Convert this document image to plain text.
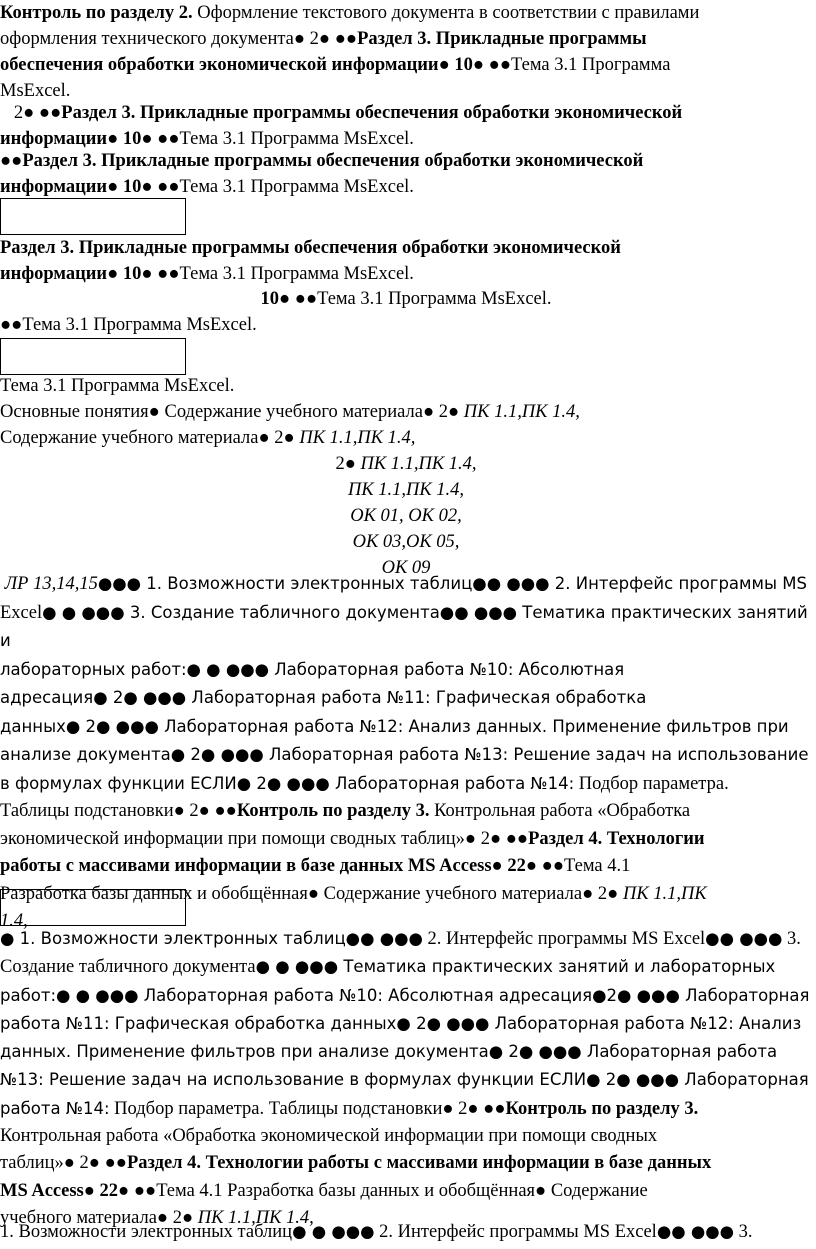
Контроль по разделу 2. Оформление текстового документа в соответствии с правилами
оформления технического документа● 2● ●●Раздел 3. Прикладные программы
обеспечения обработки экономической информации● 10● ●●Тема 3.1 Программа
MsExcel.
2● ●●Раздел 3. Прикладные программы обеспечения обработки экономической
информации● 10● ●●Тема 3.1 Программа MsExcel.
●●Раздел 3. Прикладные программы обеспечения обработки экономической
информации● 10● ●●Тема 3.1 Программа MsExcel.
Раздел 3. Прикладные программы обеспечения обработки экономической
информации● 10● ●●Тема 3.1 Программа MsExcel.
10● ●●Тема 3.1 Программа MsExcel.
●●Тема 3.1 Программа MsExcel.
Тема 3.1 Программа MsExcel.
Основные понятия● Содержание учебного материала● 2● ПК 1.1,ПК 1.4,
Содержание учебного материала● 2● ПК 1.1,ПК 1.4,
2● ПК 1.1,ПК 1.4,
ПК 1.1,ПК 1.4,
ОК 01, ОК 02,
ОК 03,ОК 05,
ОК 09
ЛР 13,14,15●●● 1. Возможности электронных таблиц●● ●●● 2. Интерфейс программы MS
Excel● ● ●●● 3. Создание табличного документа●● ●●● Тематика практических занятий и
лабораторных работ:● ● ●●● Лабораторная работа №10: Абсолютная
адресация● 2● ●●● Лабораторная работа №11: Графическая обработка
данных● 2● ●●● Лабораторная работа №12: Анализ данных. Применение фильтров при
анализе документа● 2● ●●● Лабораторная работа №13: Решение задач на использование
в формулах функции ЕСЛИ● 2● ●●● Лабораторная работа №14: Подбор параметра.
Таблицы подстановки● 2● ●●Контроль по разделу 3. Контрольная работа «Обработка
экономической информации при помощи сводных таблиц»● 2● ●●Раздел 4. Технологии
работы с массивами информации в базе данных MS Access● 22● ●●Тема 4.1
Разработка базы данных и обобщённая● Содержание учебного материала● 2● ПК 1.1,ПК
1.4,
● 1. Возможности электронных таблиц●● ●●● 2. Интерфейс программы MS Excel●● ●●● 3.
Создание табличного документа● ● ●●● Тематика практических занятий и лабораторных
работ:● ● ●●● Лабораторная работа №10: Абсолютная адресация●2● ●●● Лабораторная
работа №11: Графическая обработка данных● 2● ●●● Лабораторная работа №12: Анализ
данных. Применение фильтров при анализе документа● 2● ●●● Лабораторная работа
№13: Решение задач на использование в формулах функции ЕСЛИ● 2● ●●● Лабораторная
работа №14: Подбор параметра. Таблицы подстановки● 2● ●●Контроль по разделу 3.
Контрольная работа «Обработка экономической информации при помощи сводных
таблиц»● 2● ●●Раздел 4. Технологии работы с массивами информации в базе данных
MS Access● 22● ●●Тема 4.1 Разработка базы данных и обобщённая● Содержание
учебного материала● 2● ПК 1.1,ПК 1.4,
1. Возможности электронных таблиц● ● ●●● 2. Интерфейс программы MS Excel●● ●●● 3.
